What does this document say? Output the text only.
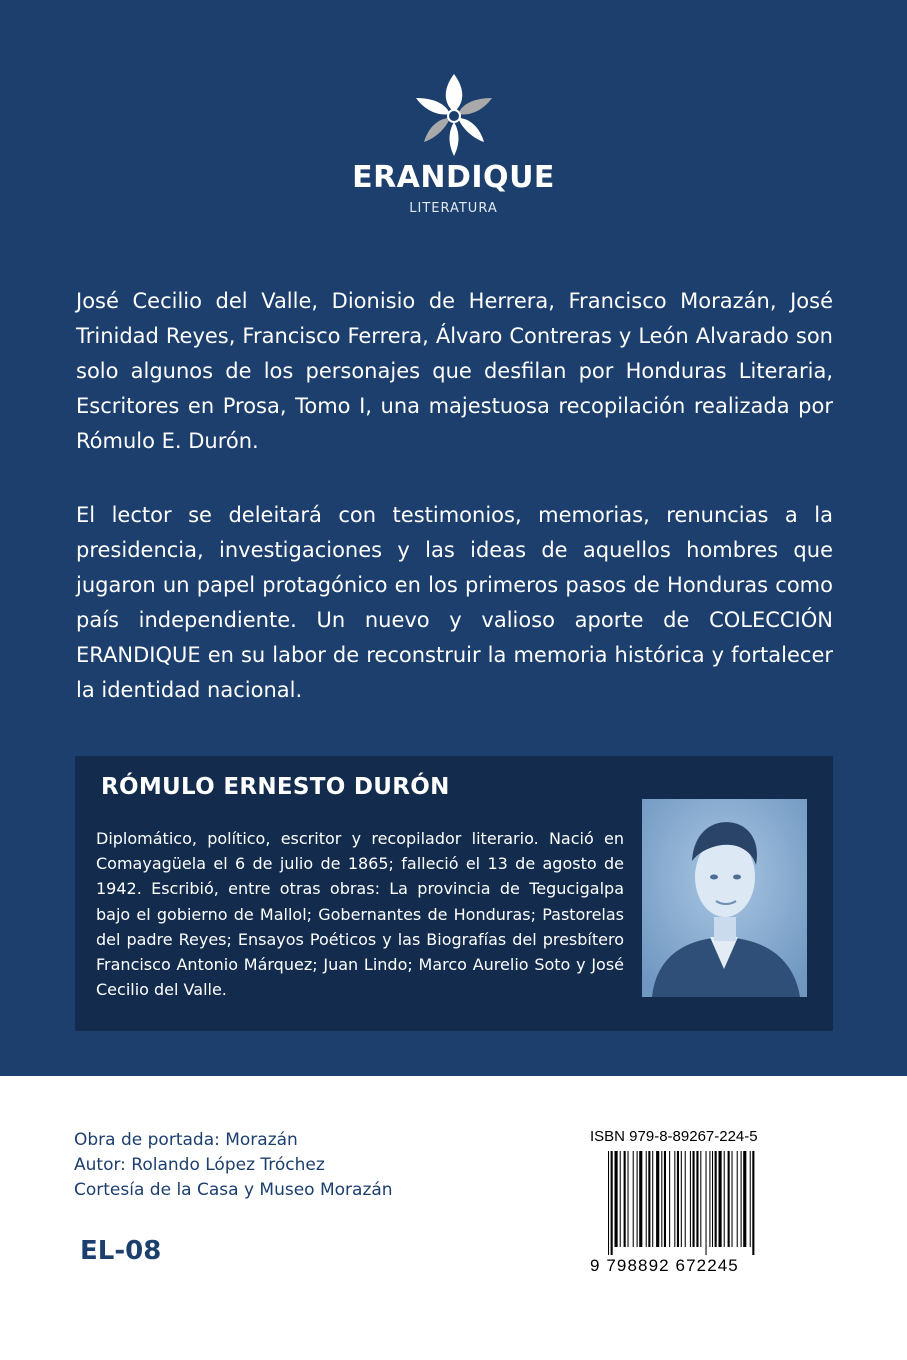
ERANDIQUE
LITERATURA

José Cecilio del Valle, Dionisio de Herrera, Francisco Morazán, José Trinidad Reyes, Francisco Ferrera, Álvaro Contreras y León Alvarado son solo algunos de los personajes que desfilan por Honduras Literaria, Escritores en Prosa, Tomo I, una majestuosa recopilación realizada por Rómulo E. Durón.

El lector se deleitará con testimonios, memorias, renuncias a la presidencia, investigaciones y las ideas de aquellos hombres que jugaron un papel protagónico en los primeros pasos de Honduras como país independiente. Un nuevo y valioso aporte de COLECCIÓN ERANDIQUE en su labor de reconstruir la memoria histórica y fortalecer la identidad nacional.

RÓMULO ERNESTO DURÓN

Diplomático, político, escritor y recopilador literario. Nació en Comayagüela el 6 de julio de 1865; falleció el 13 de agosto de 1942. Escribió, entre otras obras: La provincia de Tegucigalpa bajo el gobierno de Mallol; Gobernantes de Honduras; Pastorelas del padre Reyes; Ensayos Poéticos y las Biografías del presbítero Francisco Antonio Márquez; Juan Lindo; Marco Aurelio Soto y José Cecilio del Valle.

Obra de portada: Morazán
Autor: Rolando López Tróchez
Cortesía de la Casa y Museo Morazán
EL-08
ISBN 979-8-89267-224-5
9 798892 672245
